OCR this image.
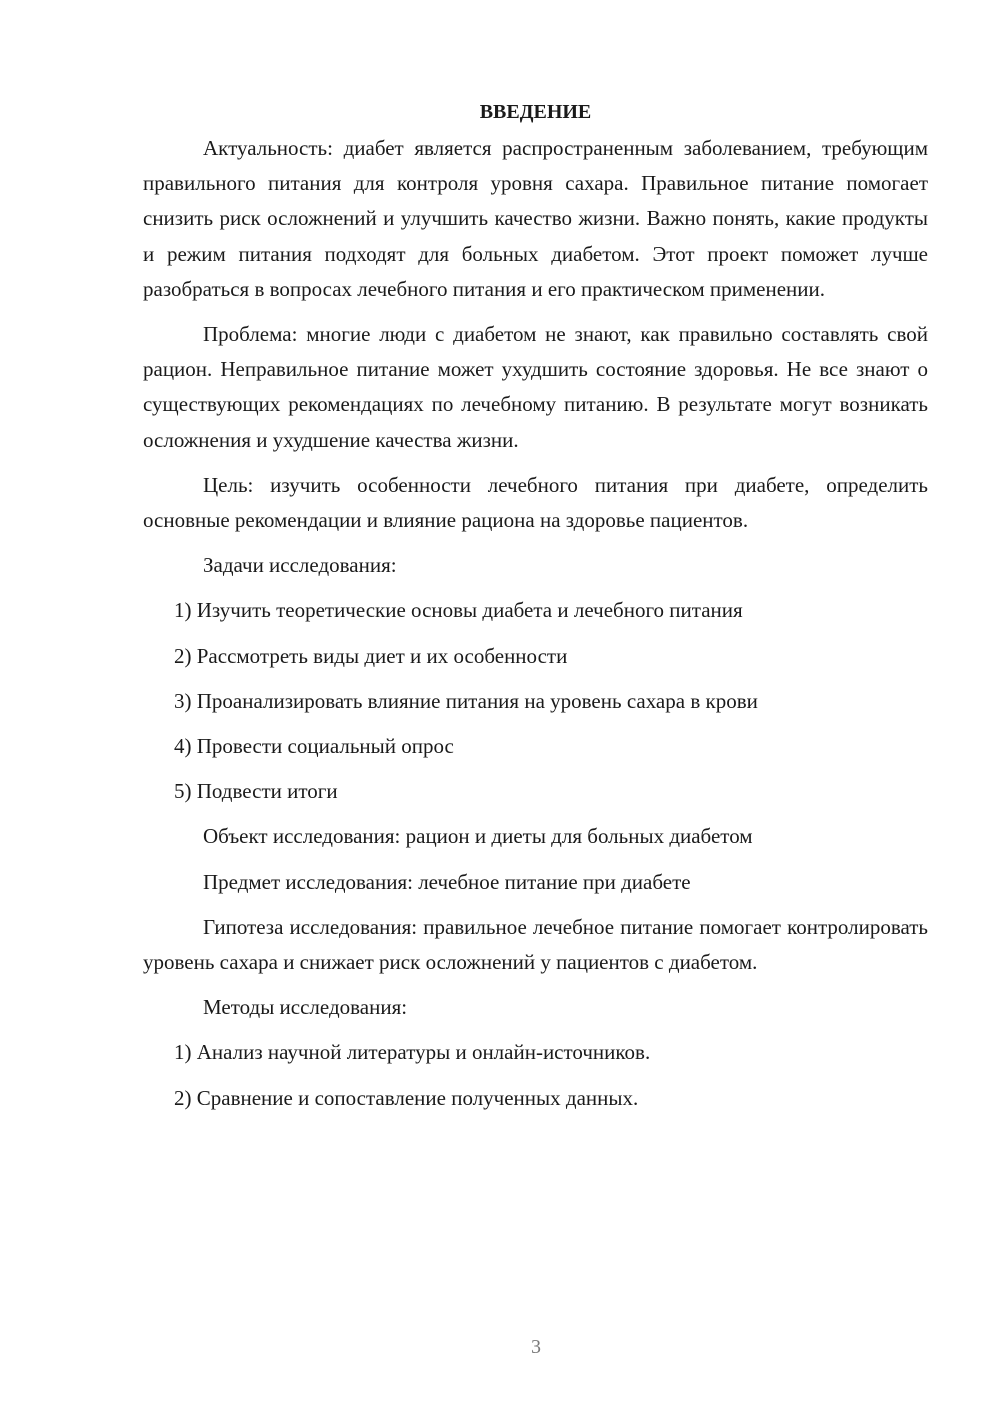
ВВЕДЕНИЕ

Актуальность: диабет является распространенным заболеванием, требующим правильного питания для контроля уровня сахара. Правильное питание помогает снизить риск осложнений и улучшить качество жизни. Важно понять, какие продукты и режим питания подходят для больных диабетом. Этот проект поможет лучше разобраться в вопросах лечебного питания и его практическом применении.

Проблема: многие люди с диабетом не знают, как правильно составлять свой рацион. Неправильное питание может ухудшить состояние здоровья. Не все знают о существующих рекомендациях по лечебному питанию. В результате могут возникать осложнения и ухудшение качества жизни.

Цель: изучить особенности лечебного питания при диабете, определить основные рекомендации и влияние рациона на здоровье пациентов.

Задачи исследования:
1) Изучить теоретические основы диабета и лечебного питания
2) Рассмотреть виды диет и их особенности
3) Проанализировать влияние питания на уровень сахара в крови
4) Провести социальный опрос
5) Подвести итоги
Объект исследования: рацион и диеты для больных диабетом
Предмет исследования: лечебное питание при диабете

Гипотеза исследования: правильное лечебное питание помогает контролировать уровень сахара и снижает риск осложнений у пациентов с диабетом.

Методы исследования:
1) Анализ научной литературы и онлайн-источников.
2) Сравнение и сопоставление полученных данных.
3
